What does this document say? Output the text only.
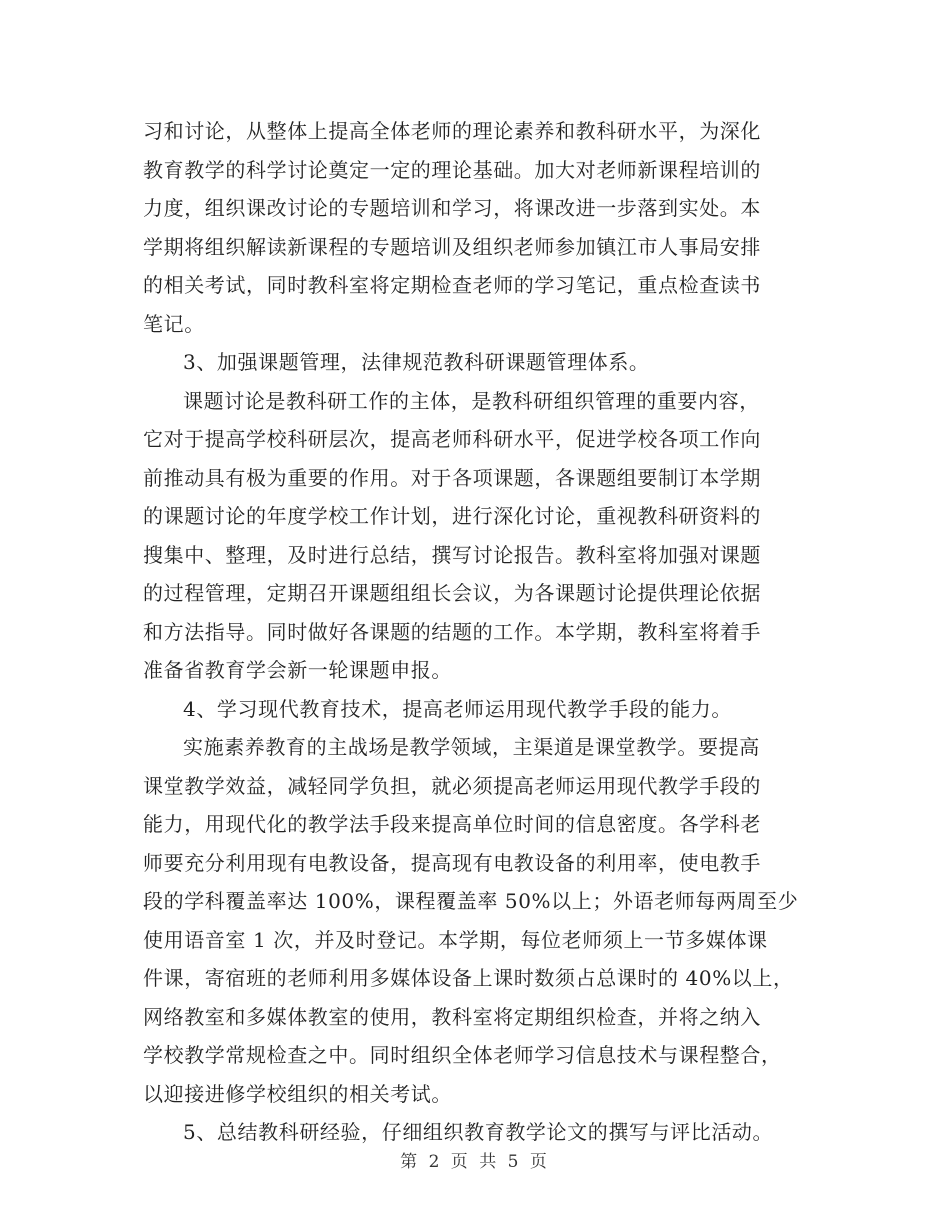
习和讨论，从整体上提高全体老师的理论素养和教科研水平，为深化
教育教学的科学讨论奠定一定的理论基础。加大对老师新课程培训的
力度，组织课改讨论的专题培训和学习，将课改进一步落到实处。本
学期将组织解读新课程的专题培训及组织老师参加镇江市人事局安排
的相关考试，同时教科室将定期检查老师的学习笔记，重点检查读书
笔记。
3、加强课题管理，法律规范教科研课题管理体系。
课题讨论是教科研工作的主体，是教科研组织管理的重要内容，
它对于提高学校科研层次，提高老师科研水平，促进学校各项工作向
前推动具有极为重要的作用。对于各项课题，各课题组要制订本学期
的课题讨论的年度学校工作计划，进行深化讨论，重视教科研资料的
搜集中、整理，及时进行总结，撰写讨论报告。教科室将加强对课题
的过程管理，定期召开课题组组长会议，为各课题讨论提供理论依据
和方法指导。同时做好各课题的结题的工作。本学期，教科室将着手
准备省教育学会新一轮课题申报。
4、学习现代教育技术，提高老师运用现代教学手段的能力。
实施素养教育的主战场是教学领域，主渠道是课堂教学。要提高
课堂教学效益，减轻同学负担，就必须提高老师运用现代教学手段的
能力，用现代化的教学法手段来提高单位时间的信息密度。各学科老
师要充分利用现有电教设备，提高现有电教设备的利用率，使电教手
段的学科覆盖率达 100%，课程覆盖率 50%以上；外语老师每两周至少
使用语音室 1 次，并及时登记。本学期，每位老师须上一节多媒体课
件课，寄宿班的老师利用多媒体设备上课时数须占总课时的 40%以上，
网络教室和多媒体教室的使用，教科室将定期组织检查，并将之纳入
学校教学常规检查之中。同时组织全体老师学习信息技术与课程整合，
以迎接进修学校组织的相关考试。
5、总结教科研经验，仔细组织教育教学论文的撰写与评比活动。
第 2 页 共 5 页
